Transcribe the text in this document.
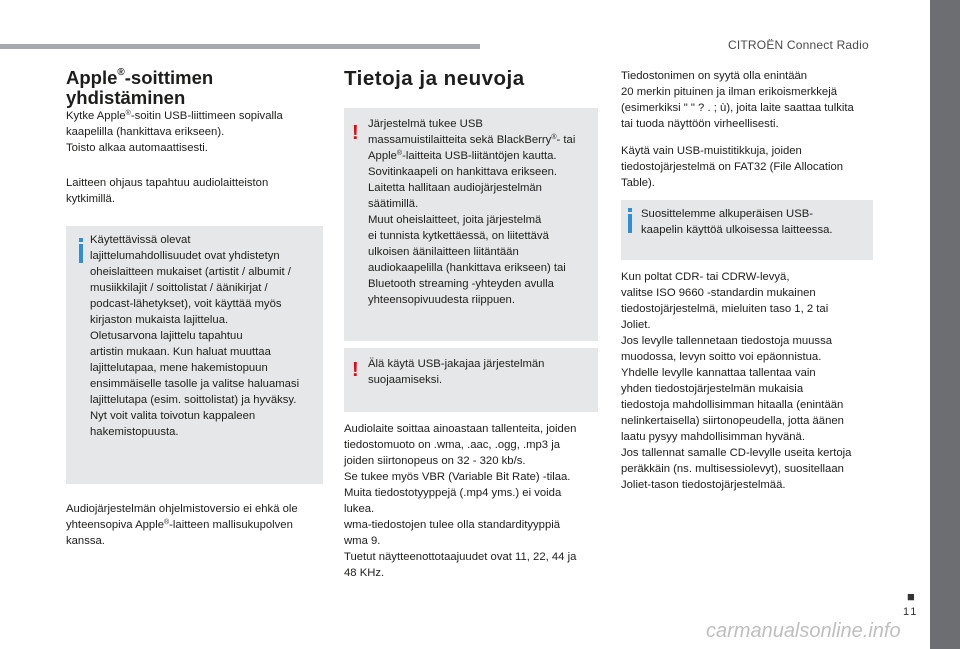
CITROËN Connect Radio
■
11
carmanualsonline.info
Apple®-soittimen yhdistäminen

Kytke Apple®-soitin USB-liittimeen sopivalla kaapelilla (hankittava erikseen).
Toisto alkaa automaattisesti.

Laitteen ohjaus tapahtuu audiolaitteiston kytkimillä.

Käytettävissä olevat
lajittelumahdollisuudet ovat yhdistetyn
oheislaitteen mukaiset (artistit / albumit /
musiikkilajit / soittolistat / äänikirjat /
podcast-lähetykset), voit käyttää myös
kirjaston mukaista lajittelua.
Oletusarvona lajittelu tapahtuu
artistin mukaan. Kun haluat muuttaa
lajittelutapaa, mene hakemistopuun
ensimmäiselle tasolle ja valitse haluamasi
lajittelutapa (esim. soittolistat) ja hyväksy.
Nyt voit valita toivotun kappaleen
hakemistopuusta.

Audiojärjestelmän ohjelmistoversio ei ehkä ole yhteensopiva Apple®-laitteen mallisukupolven kanssa.

Tietoja ja neuvoja
! Järjestelmä tukee USB
massamuistilaitteita sekä BlackBerry®- tai
Apple®-laitteita USB-liitäntöjen kautta.
Sovitinkaapeli on hankittava erikseen.
Laitetta hallitaan audiojärjestelmän
säätimillä.
Muut oheislaitteet, joita järjestelmä
ei tunnista kytkettäessä, on liitettävä
ulkoisen äänilaitteen liitäntään
audiokaapelilla (hankittava erikseen) tai
Bluetooth streaming -yhteyden avulla
yhteensopivuudesta riippuen.

! Älä käytä USB-jakajaa järjestelmän
suojaamiseksi.

Audiolaite soittaa ainoastaan tallenteita, joiden
tiedostomuoto on .wma, .aac, .ogg, .mp3 ja
joiden siirtonopeus on 32 - 320 kb/s.
Se tukee myös VBR (Variable Bit Rate) -tilaa.
Muita tiedostotyyppejä (.mp4 yms.) ei voida
lukea.
wma-tiedostojen tulee olla standardityyppiä
wma 9.
Tuetut näytteenottotaajuudet ovat 11, 22, 44 ja
48 KHz.

Tiedostonimen on syytä olla enintään
20 merkin pituinen ja ilman erikoismerkkejä
(esimerkiksi " " ? . ; ù), joita laite saattaa tulkita
tai tuoda näyttöön virheellisesti.

Käytä vain USB-muistitikkuja, joiden
tiedostojärjestelmä on FAT32 (File Allocation
Table).

Suosittelemme alkuperäisen USB-
kaapelin käyttöä ulkoisessa laitteessa.

Kun poltat CDR- tai CDRW-levyä,
valitse ISO 9660 -standardin mukainen
tiedostojärjestelmä, mieluiten taso 1, 2 tai
Joliet.
Jos levylle tallennetaan tiedostoja muussa
muodossa, levyn soitto voi epäonnistua.
Yhdelle levylle kannattaa tallentaa vain
yhden tiedostojärjestelmän mukaisia
tiedostoja mahdollisimman hitaalla (enintään
nelinkertaisella) siirtonopeudella, jotta äänen
laatu pysyy mahdollisimman hyvänä.
Jos tallennat samalle CD-levylle useita kertoja
peräkkäin (ns. multisessiolevyt), suositellaan
Joliet-tason tiedostojärjestelmää.
